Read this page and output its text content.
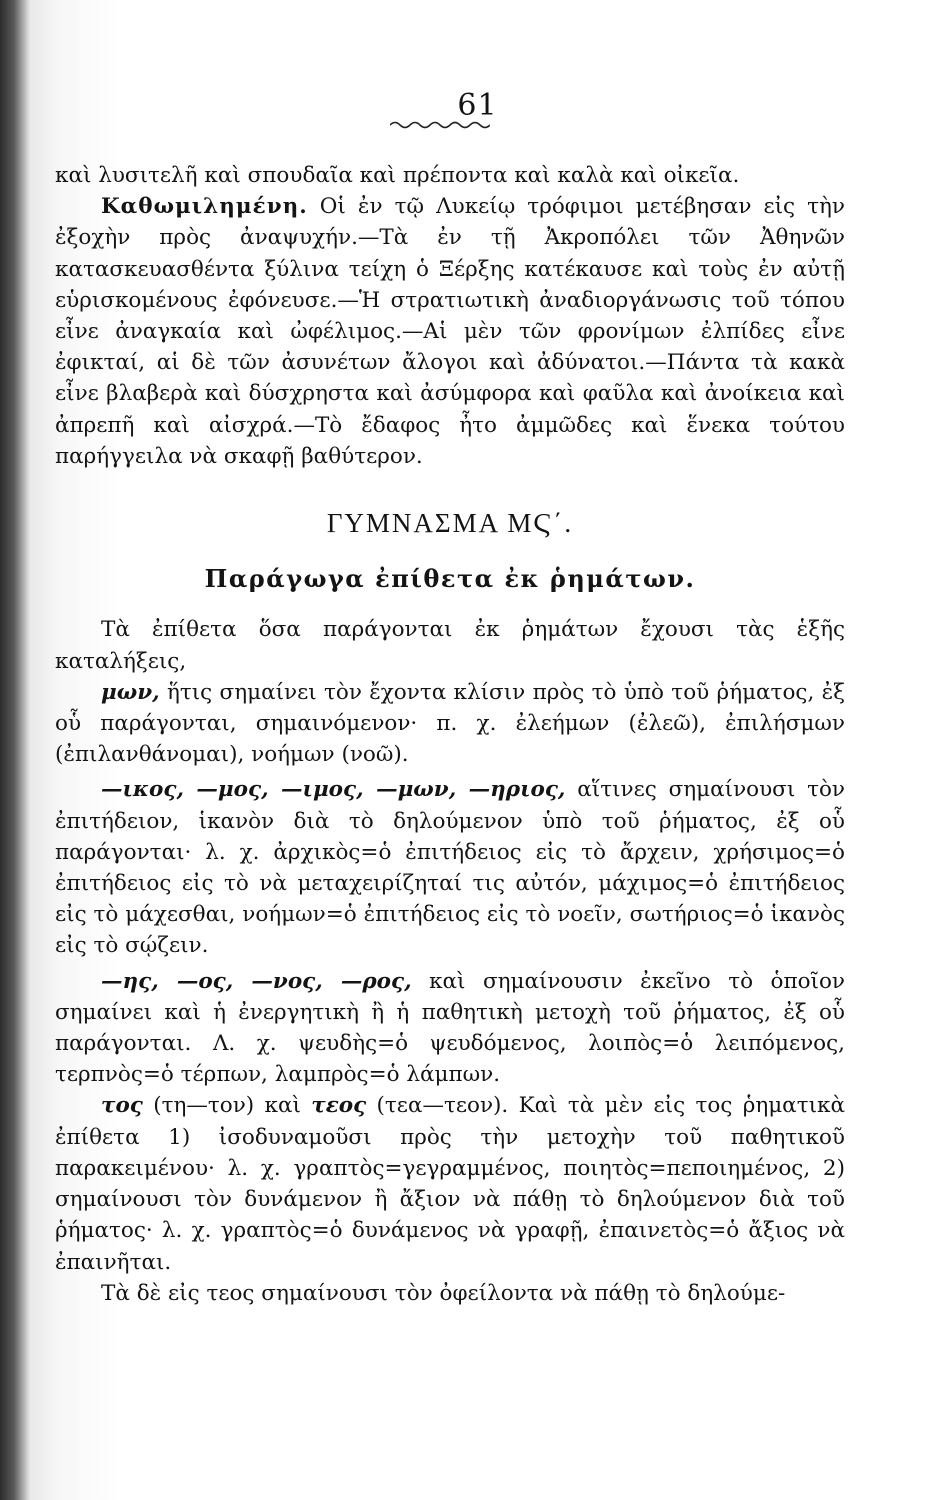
61

καὶ λυσιτελῆ καὶ σπουδαῖα καὶ πρέποντα καὶ καλὰ καὶ οἰκεῖα.

Καθωμιλημένη. Οἱ ἐν τῷ Λυκείῳ τρόφιμοι μετέβησαν εἰς τὴν ἐξοχὴν πρὸς ἀναψυχήν.—Τὰ ἐν τῇ Ἀκροπόλει τῶν Ἀθηνῶν κατασκευασθέντα ξύλινα τείχη ὁ Ξέρξης κατέκαυσε καὶ τοὺς ἐν αὐτῇ εὑρισκομένους ἐφόνευσε.—Ἡ στρατιωτικὴ ἀναδιοργάνωσις τοῦ τόπου εἶνε ἀναγκαία καὶ ὠφέλιμος.—Αἱ μὲν τῶν φρονίμων ἐλπίδες εἶνε ἐφικταί, αἱ δὲ τῶν ἀσυνέτων ἄλογοι καὶ ἀδύνατοι.—Πάντα τὰ κακὰ εἶνε βλαβερὰ καὶ δύσχρηστα καὶ ἀσύμφορα καὶ φαῦλα καὶ ἀνοίκεια καὶ ἀπρεπῆ καὶ αἰσχρά.—Τὸ ἔδαφος ἦτο ἀμμῶδες καὶ ἕνεκα τούτου παρήγγειλα νὰ σκαφῇ βαθύτερον.

ΓΥΜΝΑΣΜΑ ΜϚ΄.
Παράγωγα ἐπίθετα ἐκ ῥημάτων.

Τὰ ἐπίθετα ὅσα παράγονται ἐκ ῥημάτων ἔχουσι τὰς ἑξῆς καταλήξεις,

μων, ἥτις σημαίνει τὸν ἔχοντα κλίσιν πρὸς τὸ ὑπὸ τοῦ ῥήματος, ἐξ οὗ παράγονται, σημαινόμενον· π. χ. ἐλεήμων (ἐλεῶ), ἐπιλήσμων (ἐπιλανθάνομαι), νοήμων (νοῶ).

—ικος, —μος, —ιμος, —μων, —ηριος, αἵτινες σημαίνουσι τὸν ἐπιτήδειον, ἱκανὸν διὰ τὸ δηλούμενον ὑπὸ τοῦ ῥήματος, ἐξ οὗ παράγονται· λ. χ. ἀρχικὸς=ὁ ἐπιτήδειος εἰς τὸ ἄρχειν, χρήσιμος=ὁ ἐπιτήδειος εἰς τὸ νὰ μεταχειρίζηταί τις αὐτόν, μάχιμος=ὁ ἐπιτήδειος εἰς τὸ μάχεσθαι, νοήμων=ὁ ἐπιτήδειος εἰς τὸ νοεῖν, σωτήριος=ὁ ἱκανὸς εἰς τὸ σῴζειν.

—ης, —ος, —νος, —ρος, καὶ σημαίνουσιν ἐκεῖνο τὸ ὁποῖον σημαίνει καὶ ἡ ἐνεργητικὴ ἢ ἡ παθητικὴ μετοχὴ τοῦ ῥήματος, ἐξ οὗ παράγονται. Λ. χ. ψευδὴς=ὁ ψευδόμενος, λοιπὸς=ὁ λειπόμενος, τερπνὸς=ὁ τέρπων, λαμπρὸς=ὁ λάμπων.

τος (τη—τον) καὶ τεος (τεα—τεον). Καὶ τὰ μὲν εἰς τος ῥηματικὰ ἐπίθετα 1) ἰσοδυναμοῦσι πρὸς τὴν μετοχὴν τοῦ παθητικοῦ παρακειμένου· λ. χ. γραπτὸς=γεγραμμένος, ποιητὸς=πεποιημένος, 2) σημαίνουσι τὸν δυνάμενον ἢ ἄξιον νὰ πάθῃ τὸ δηλούμενον διὰ τοῦ ῥήματος· λ. χ. γραπτὸς=ὁ δυνάμενος νὰ γραφῇ, ἐπαινετὸς=ὁ ἄξιος νὰ ἐπαινῆται.

Τὰ δὲ εἰς τεος σημαίνουσι τὸν ὀφείλοντα νὰ πάθῃ τὸ δηλούμε-
